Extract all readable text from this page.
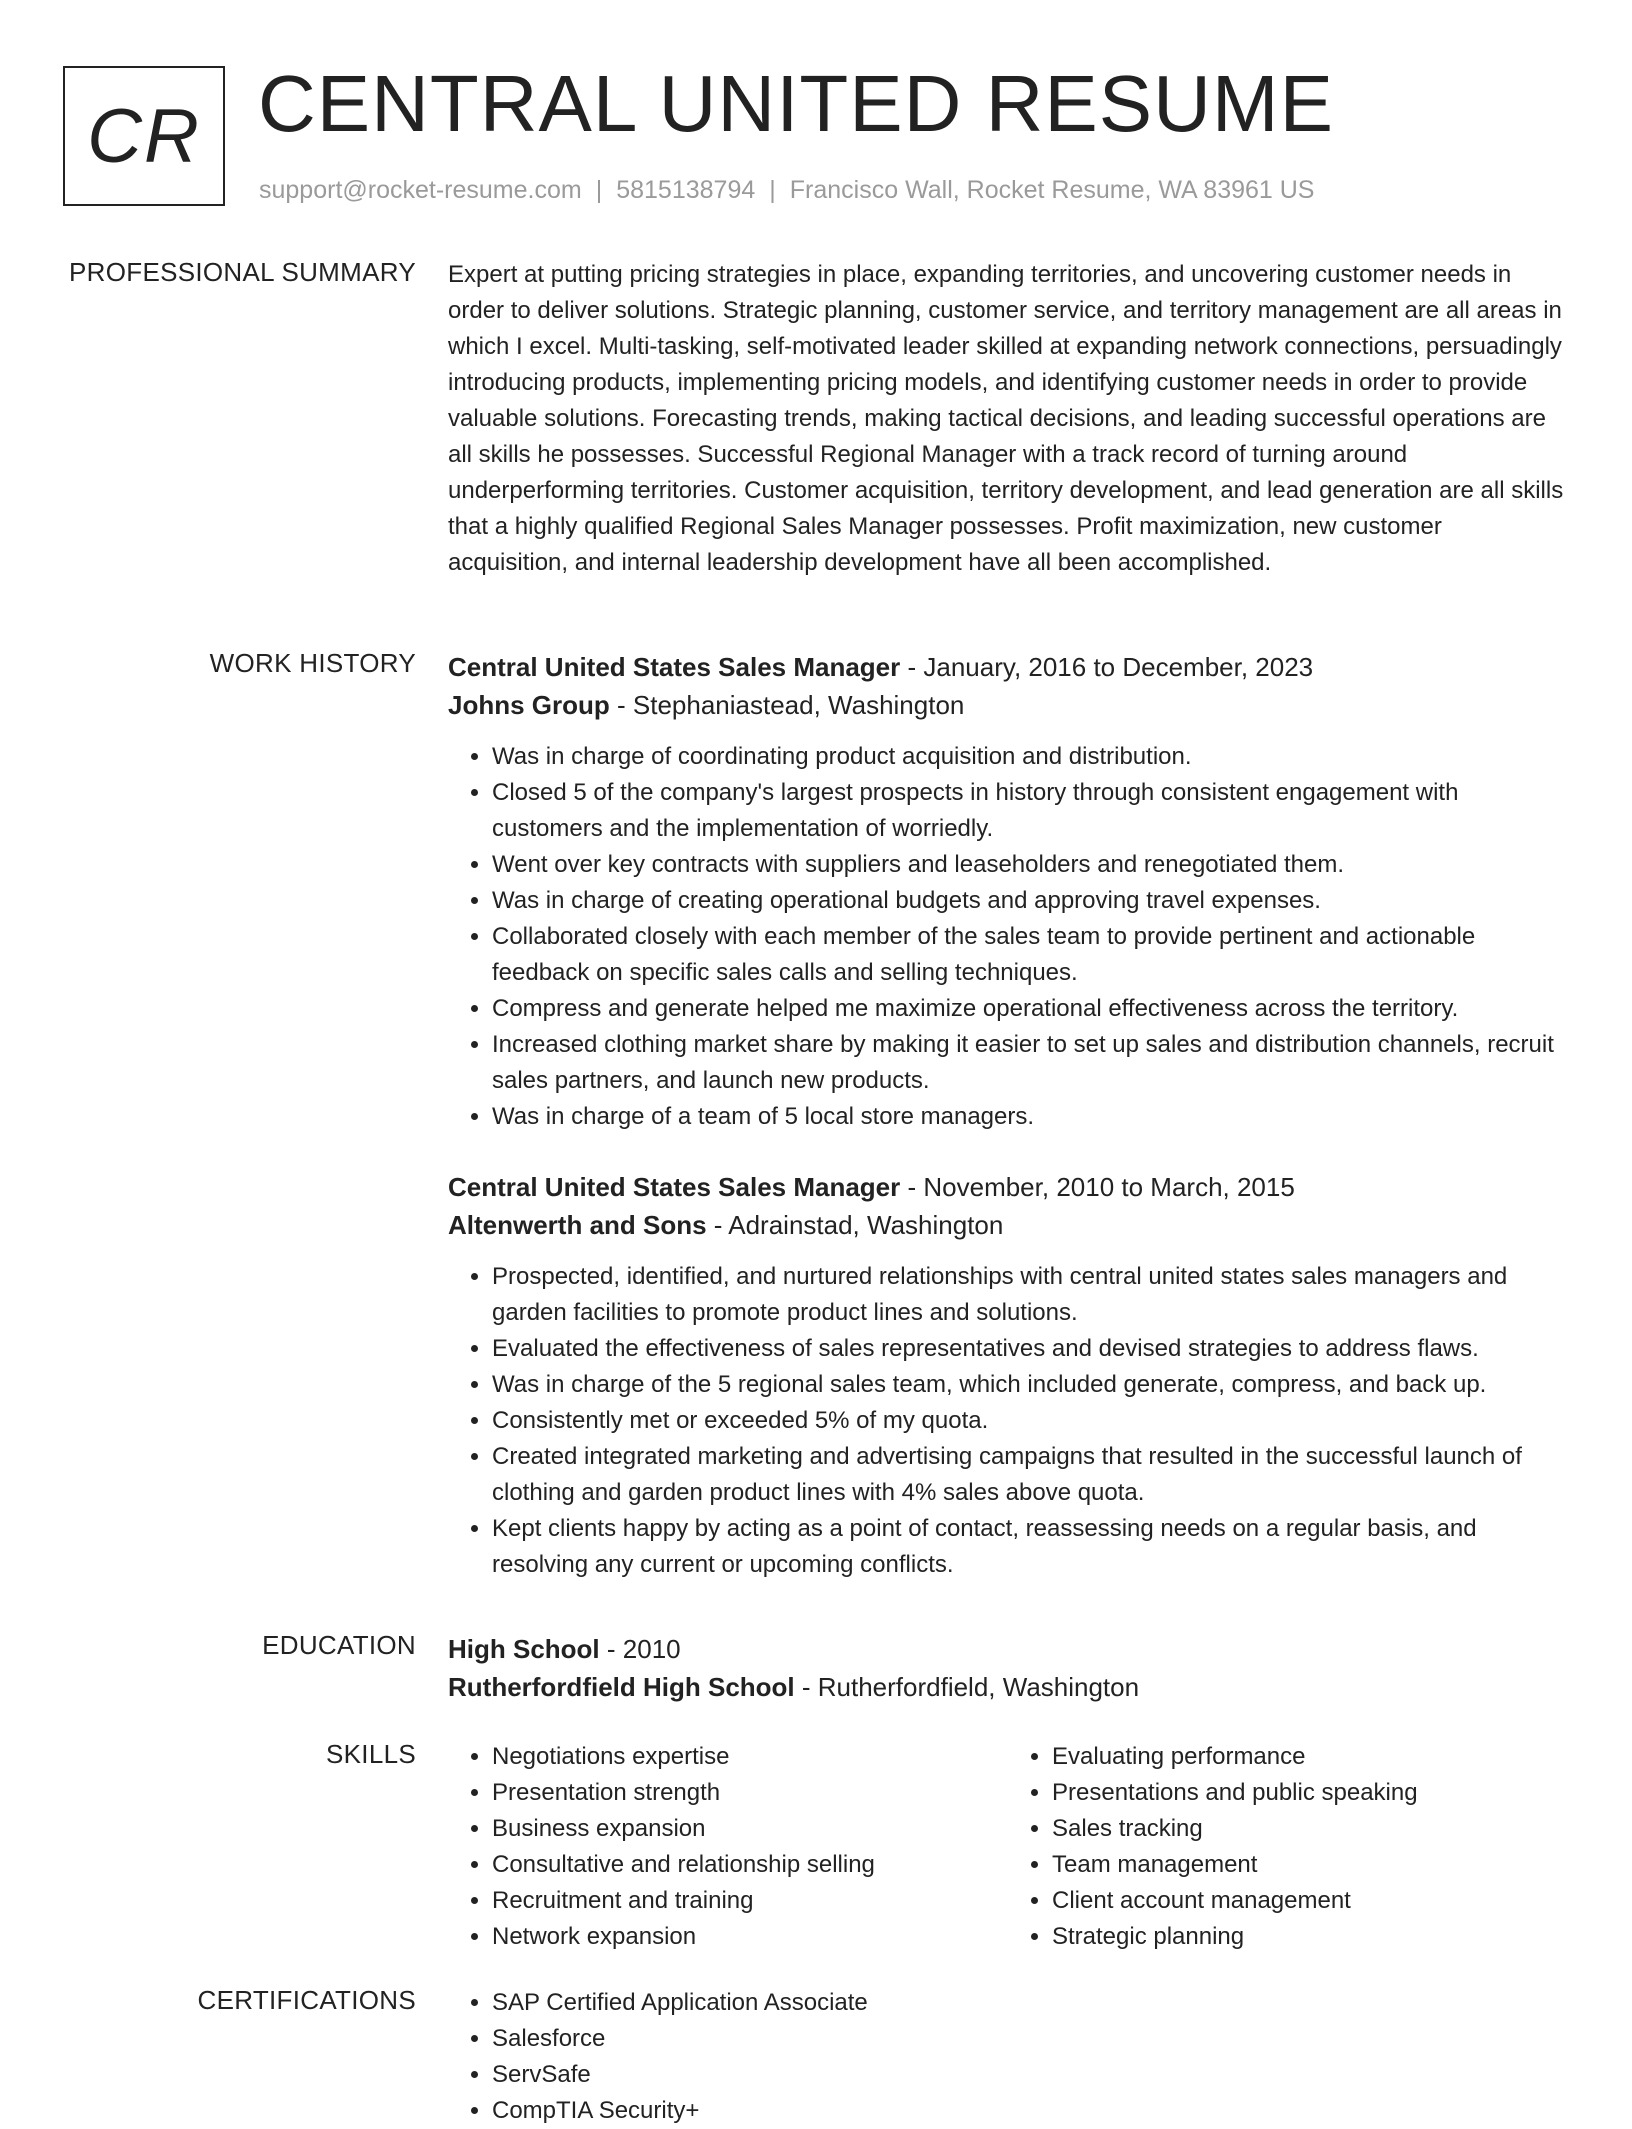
CR CENTRAL UNITED RESUME
support@rocket-resume.com | 5815138794 | Francisco Wall, Rocket Resume, WA 83961 US
PROFESSIONAL SUMMARY Expert at putting pricing strategies in place, expanding territories, and uncovering customer needs in order to deliver solutions. Strategic planning, customer service, and territory management are all areas in which I excel. Multi-tasking, self-motivated leader skilled at expanding network connections, persuadingly introducing products, implementing pricing models, and identifying customer needs in order to provide valuable solutions. Forecasting trends, making tactical decisions, and leading successful operations are all skills he possesses. Successful Regional Manager with a track record of turning around underperforming territories. Customer acquisition, territory development, and lead generation are all skills that a highly qualified Regional Sales Manager possesses. Profit maximization, new customer acquisition, and internal leadership development have all been accomplished.

WORK HISTORY Central United States Sales Manager - January, 2016 to December, 2023
Johns Group - Stephaniastead, Washington
• Was in charge of coordinating product acquisition and distribution.
• Closed 5 of the company's largest prospects in history through consistent engagement with customers and the implementation of worriedly.
• Went over key contracts with suppliers and leaseholders and renegotiated them.
• Was in charge of creating operational budgets and approving travel expenses.
• Collaborated closely with each member of the sales team to provide pertinent and actionable feedback on specific sales calls and selling techniques.
• Compress and generate helped me maximize operational effectiveness across the territory.
• Increased clothing market share by making it easier to set up sales and distribution channels, recruit sales partners, and launch new products.
• Was in charge of a team of 5 local store managers.
Central United States Sales Manager - November, 2010 to March, 2015
Altenwerth and Sons - Adrainstad, Washington
• Prospected, identified, and nurtured relationships with central united states sales managers and garden facilities to promote product lines and solutions.
• Evaluated the effectiveness of sales representatives and devised strategies to address flaws.
• Was in charge of the 5 regional sales team, which included generate, compress, and back up.
• Consistently met or exceeded 5% of my quota.
• Created integrated marketing and advertising campaigns that resulted in the successful launch of clothing and garden product lines with 4% sales above quota.
• Kept clients happy by acting as a point of contact, reassessing needs on a regular basis, and resolving any current or upcoming conflicts.
EDUCATION High School - 2010
Rutherfordfield High School - Rutherfordfield, Washington
SKILLS	• Negotiations expertise
• Presentation strength
• Business expansion
• Consultative and relationship selling
• Recruitment and training
• Network expansion
• Evaluating performance
• Presentations and public speaking
• Sales tracking
• Team management
• Client account management
• Strategic planning
CERTIFICATIONS	• SAP Certified Application Associate
• Salesforce
• ServSafe
• CompTIA Security+
